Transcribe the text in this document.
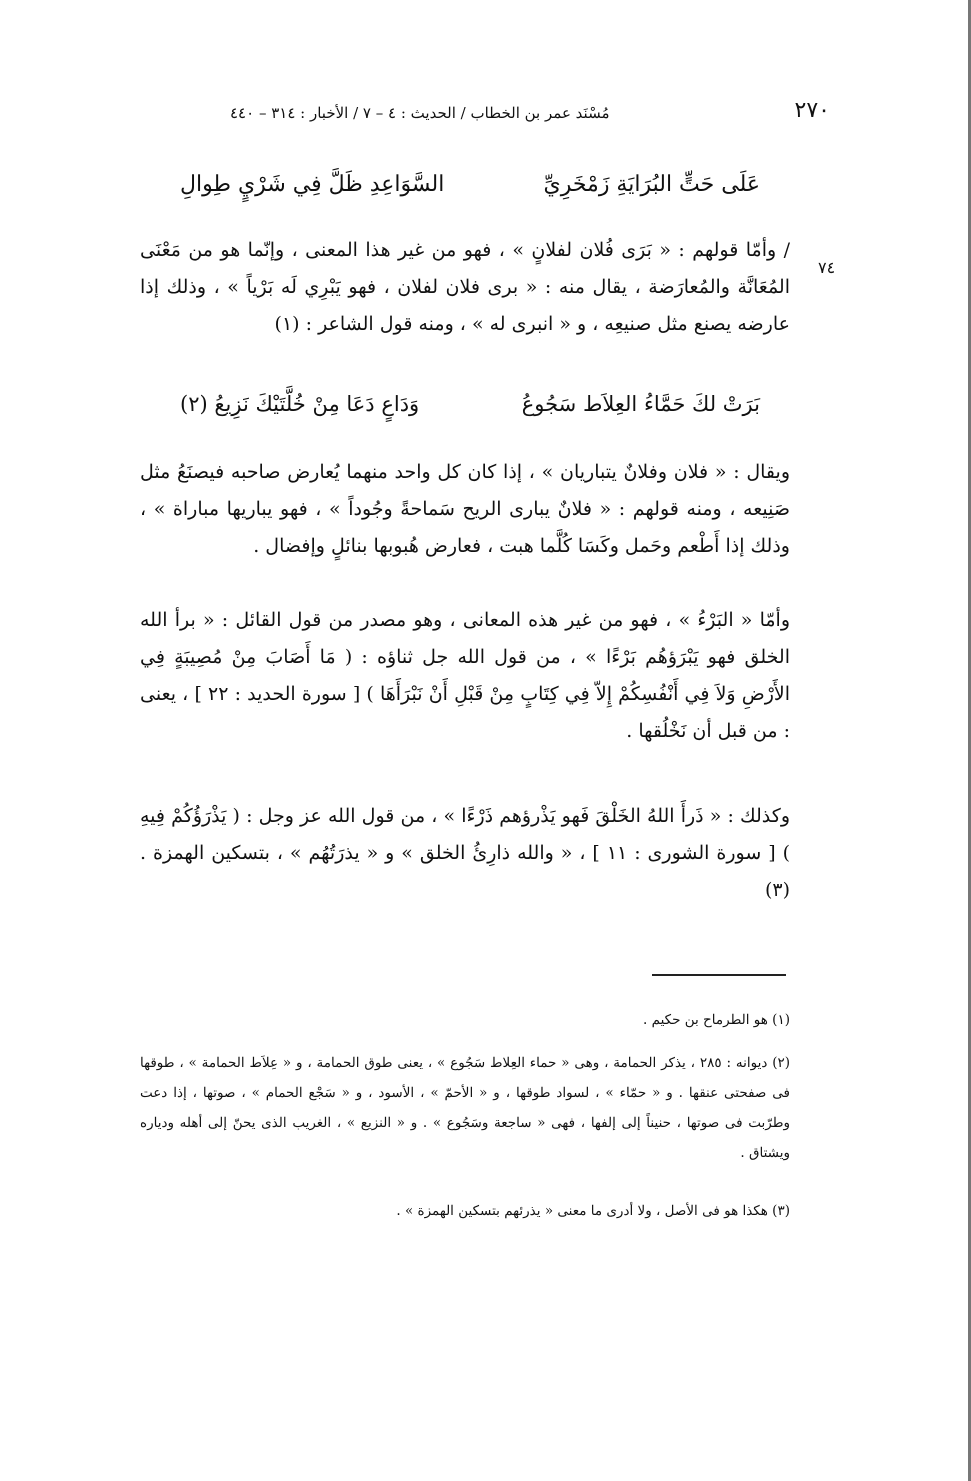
مُسْنَد عمر بن الخطاب / الحديث : ٤ – ٧ / الأخبار : ٣١٤ – ٤٤٠	٢٧٠
عَلَى حَتٍّ البُرَايَةِ زَمْخَرِيِّ
السَّوَاعِدِ ظَلَّ فِي شَرْيٍ طِوالِ
٧٤

/ وأمّا قولهم : « بَرَى فُلان لفلانٍ » ، فهو من غير هذا المعنى ، وإنّما هو من مَعْنَى المُعَانَّة والمُعارَضة ، يقال منه : « برى فلان لفلان ، فهو يَبْرِي لَه بَرْياً » ، وذلك إذا عارضه يصنع مثل صنيعِه ، و « انبرى له » ، ومنه قول الشاعر : (١)

بَرَتْ لكَ حَمَّاءُ العِلاَط سَجُوعُ
وَدَاعٍ دَعَا مِنْ خُلَّتَيْكَ نَزِيعُ (٢)

ويقال : « فلان وفلانٌ يتباريان » ، إذا كان كل واحد منهما يُعارض صاحبه فيصنَعُ مثل صَنِيعه ، ومنه قولهم : « فلانٌ يبارى الريح سَماحةً وجُوداً » ، فهو يباريها مباراة » ، وذلك إذا أَطْعم وحَمل وكَسَا كُلَّما هبت ، فعارض هُبوبها بنائلٍ وإفضال .

وأمّا « البَرْءُ » ، فهو من غير هذه المعانى ، وهو مصدر من قول القائل : « برأ الله الخلق فهو يَبْرَؤهُم بَرْءًا » ، من قول الله جل ثناؤه : ( مَا أَصَابَ مِنْ مُصِيبَةٍ فِي الأَرْضِ وَلاَ فِي أَنْفُسِكُمْ إِلاّ فِي كِتَابٍ مِنْ قَبْلِ أَنْ نَبْرَأَهَا ) [ سورة الحديد : ٢٢ ] ، يعنى : من قبل أن نَخْلُقها .

وكذلك : « ذَرأَ اللهُ الخَلْقَ فَهو يَذْرؤهم ذَرْءًا » ، من قول الله عز وجل : ( يَذْرَؤُكُمْ فِيهِ ) [ سورة الشورى : ١١ ] ، « والله ذارِئُ الخلق » و « يذرَتُهُم » ، بتسكين الهمزة . (٣)

(١) هو الطرماح بن حكيم .

(٢) ديوانه : ٢٨٥ ، يذكر الحمامة ، وهى « حماء العِلاط سَجُوع » ، يعنى طوق الحمامة ، و « عِلاَط الحمامة » ، طوقها فى صفحتى عنقها . و « حمّاء » ، لسواد طوقها ، و « الأحمّ » ، الأسود ، و « سَجْع الحمام » ، صوتها ، إذا دعت وطرّبت فى صوتها ، حنيناً إلى إلفها ، فهى « ساجعة وسَجُوع » . و « النزيع » ، الغريب الذى يحنّ إلى أهله ودياره ويشتاق .

(٣) هكذا هو فى الأصل ، ولا أدرى ما معنى « يذرئهم بتسكين الهمزة » .
